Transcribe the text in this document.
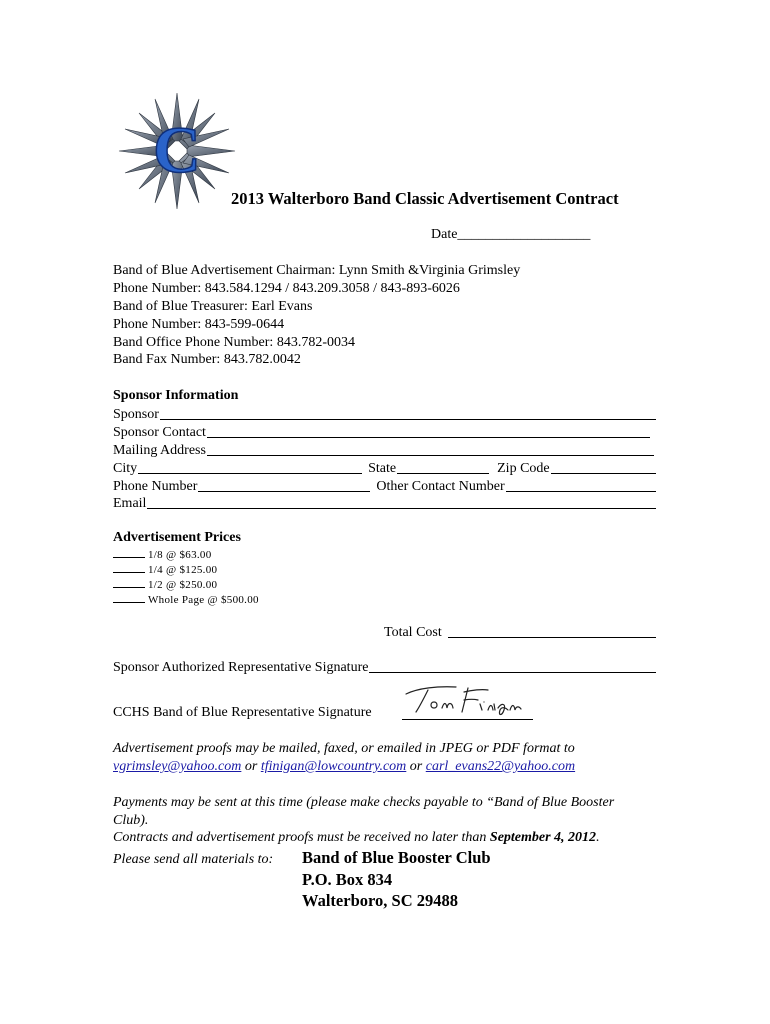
C
2013 Walterboro Band Classic Advertisement Contract
Date___________________
Band of Blue Advertisement Chairman: Lynn Smith &Virginia Grimsley
Phone Number: 843.584.1294 / 843.209.3058 / 843-893-6026
Band of Blue Treasurer: Earl Evans
Phone Number: 843-599-0644
Band Office Phone Number: 843.782-0034
Band Fax Number: 843.782.0042
Sponsor Information
Sponsor
Sponsor Contact
Mailing Address
City	State	Zip Code
Phone Number	Other Contact Number
Email
Advertisement Prices
1/8 @ $63.00
1/4 @ $125.00
1/2 @ $250.00
Whole Page @ $500.00
Total Cost
Sponsor Authorized Representative Signature
CCHS Band of Blue Representative Signature
Advertisement proofs may be mailed, faxed, or emailed in JPEG or PDF format to
vgrimsley@yahoo.com or tfinigan@lowcountry.com or carl_evans22@yahoo.com
Payments may be sent at this time (please make checks payable to “Band of Blue Booster
Club).
Contracts and advertisement proofs must be received no later than September 4, 2012.
Please send all materials to: Band of Blue Booster Club
P.O. Box 834
Walterboro, SC 29488
